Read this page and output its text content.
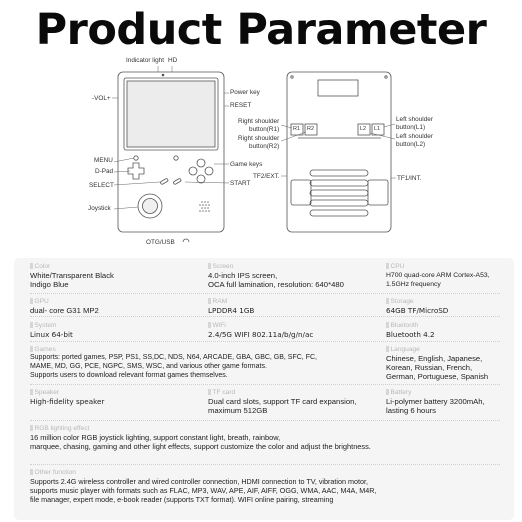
Product Parameter
Indicator light HD
-VOL+
Power key
RESET
MENU
D-Pad
SELECT
Game keys
START
Joystick
OTG/USB
Right shoulder
button(R1)
Right shoulder
button(R2)
Left shoulder
button(L1)
Left shoulder
button(L2)
TF2/EXT.	TF1/INT.
R1 R2	L2 L1
Color
White/Transparent Black
Indigo Blue
Screen
4.0-inch IPS screen,
OCA full lamination, resolution: 640*480
CPU
H700 quad-core ARM Cortex-A53,
1.5GHz frequency
GPU
dual- core G31 MP2
RAM
LPDDR4 1GB
Storage
64GB TF/MicroSD
System
Linux 64-bit
WiFi
2.4/5G WIFI 802.11a/b/g/n/ac
Bluetooth
Bluetooth 4.2
Games
Supports: ported games, PSP, PS1, SS,DC, NDS, N64, ARCADE, GBA, GBC, GB, SFC, FC,
MAME, MD, GG, PCE, NGPC, SMS, WSC, and various other game formats.
Supports users to download relevant format games themselves.
Language
Chinese, English, Japanese,
Korean, Russian, French,
German, Portuguese, Spanish
Speaker
High-fidelity speaker
TF card
Dual card slots, support TF card expansion,
maximum 512GB
Battery
Li-polymer battery 3200mAh,
lasting 6 hours
RGB lighting effect
16 million color RGB joystick lighting, support constant light, breath, rainbow,
marquee, chasing, gaming and other light effects, support customize the color and adjust the brightness.
Other function
Supports 2.4G wireless controller and wired controller connection, HDMI connection to TV, vibration motor,
supports music player with formats such as FLAC, MP3, WAV, APE, AIF, AIFF, OGG, WMA, AAC, M4A, M4R,
file manager, expert mode, e-book reader (supports TXT format). WIFI online pairing, streaming
